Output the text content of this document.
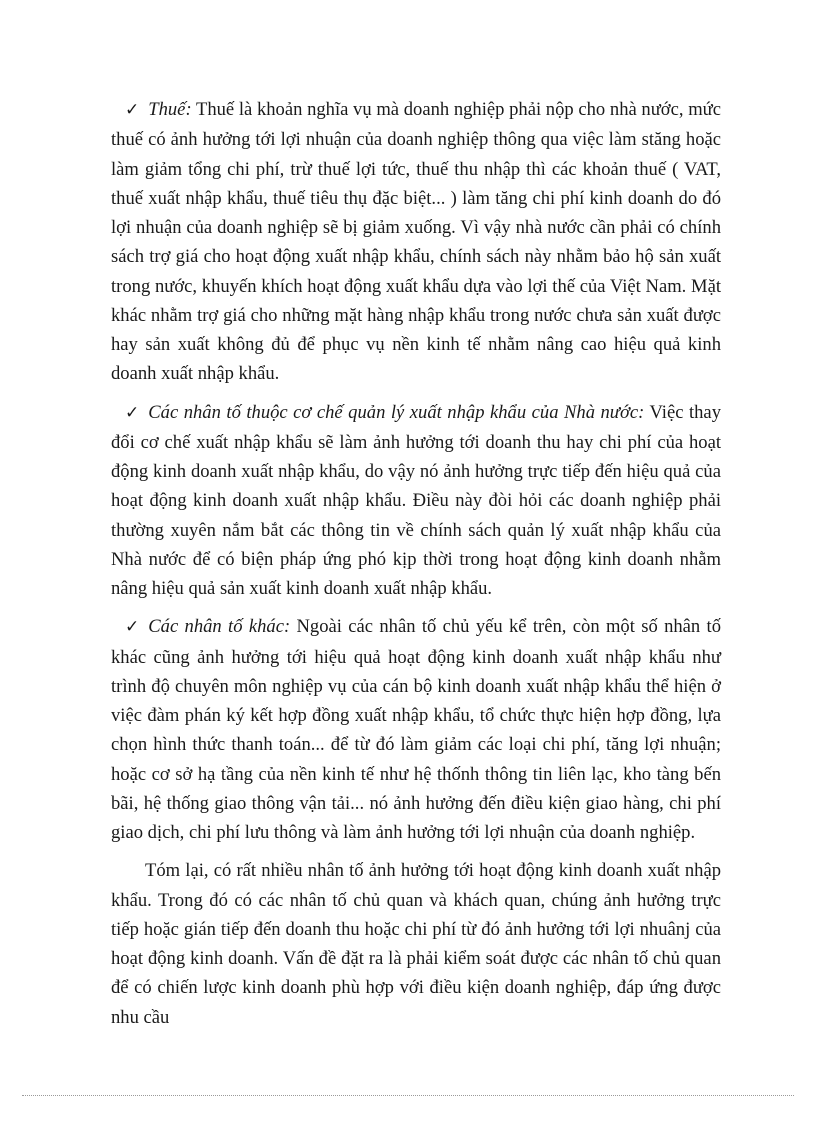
✓ Thuế: Thuế là khoản nghĩa vụ mà doanh nghiệp phải nộp cho nhà nước, mức thuế có ảnh hưởng tới lợi nhuận của doanh nghiệp thông qua việc làm stăng hoặc làm giảm tổng chi phí, trừ thuế lợi tức, thuế thu nhập thì các khoản thuế ( VAT, thuế xuất nhập khẩu, thuế tiêu thụ đặc biệt... ) làm tăng chi phí kinh doanh do đó lợi nhuận của doanh nghiệp sẽ bị giảm xuống. Vì vậy nhà nước cần phải có chính sách trợ giá cho hoạt động xuất nhập khẩu, chính sách này nhằm bảo hộ sản xuất trong nước, khuyến khích hoạt động xuất khẩu dựa vào lợi thế của Việt Nam. Mặt khác nhằm trợ giá cho những mặt hàng nhập khẩu trong nước chưa sản xuất được hay sản xuất không đủ để phục vụ nền kinh tế nhằm nâng cao hiệu quả kinh doanh xuất nhập khẩu.

✓ Các nhân tố thuộc cơ chế quản lý xuất nhập khẩu của Nhà nước: Việc thay đổi cơ chế xuất nhập khẩu sẽ làm ảnh hưởng tới doanh thu hay chi phí của hoạt động kinh doanh xuất nhập khẩu, do vậy nó ảnh hưởng trực tiếp đến hiệu quả của hoạt động kinh doanh xuất nhập khẩu. Điều này đòi hỏi các doanh nghiệp phải thường xuyên nắm bắt các thông tin về chính sách quản lý xuất nhập khẩu của Nhà nước để có biện pháp ứng phó kịp thời trong hoạt động kinh doanh nhằm nâng hiệu quả sản xuất kinh doanh xuất nhập khẩu.

✓ Các nhân tố khác: Ngoài các nhân tố chủ yếu kể trên, còn một số nhân tố khác cũng ảnh hưởng tới hiệu quả hoạt động kinh doanh xuất nhập khẩu như trình độ chuyên môn nghiệp vụ của cán bộ kinh doanh xuất nhập khẩu thể hiện ở việc đàm phán ký kết hợp đồng xuất nhập khẩu, tổ chức thực hiện hợp đồng, lựa chọn hình thức thanh toán... để từ đó làm giảm các loại chi phí, tăng lợi nhuận; hoặc cơ sở hạ tầng của nền kinh tế như hệ thốnh thông tin liên lạc, kho tàng bến bãi, hệ thống giao thông vận tải... nó ảnh hưởng đến điều kiện giao hàng, chi phí giao dịch, chi phí lưu thông và làm ảnh hưởng tới lợi nhuận của doanh nghiệp.

Tóm lại, có rất nhiều nhân tố ảnh hưởng tới hoạt động kinh doanh xuất nhập khẩu. Trong đó có các nhân tố chủ quan và khách quan, chúng ảnh hưởng trực tiếp hoặc gián tiếp đến doanh thu hoặc chi phí từ đó ảnh hưởng tới lợi nhuânj của hoạt động kinh doanh. Vấn đề đặt ra là phải kiểm soát được các nhân tố chủ quan để có chiến lược kinh doanh phù hợp với điều kiện doanh nghiệp, đáp ứng được nhu cầu
